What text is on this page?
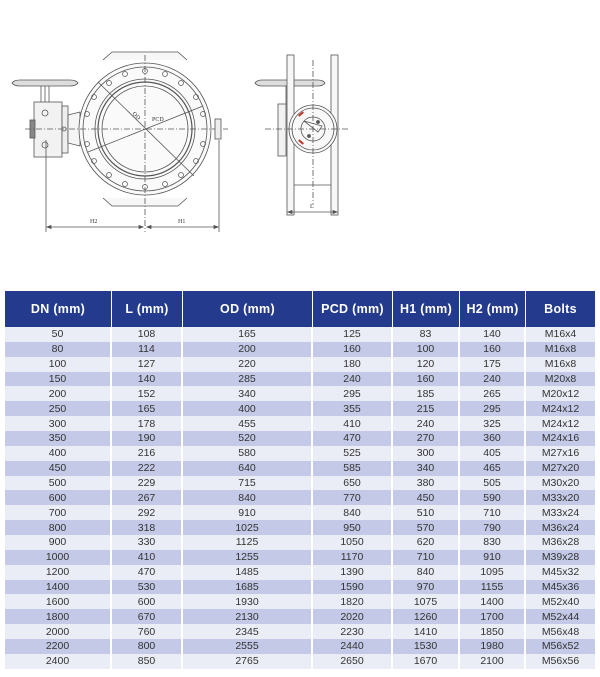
OD PCD
H2	H1
L
DN (mm)	L (mm)	OD (mm)	PCD (mm)	H1 (mm)	H2 (mm)	Bolts
50	108	165	125	83	140	M16x4
80	114	200	160	100	160	M16x8
100	127	220	180	120	175	M16x8
150	140	285	240	160	240	M20x8
200	152	340	295	185	265	M20x12
250	165	400	355	215	295	M24x12
300	178	455	410	240	325	M24x12
350	190	520	470	270	360	M24x16
400	216	580	525	300	405	M27x16
450	222	640	585	340	465	M27x20
500	229	715	650	380	505	M30x20
600	267	840	770	450	590	M33x20
700	292	910	840	510	710	M33x24
800	318	1025	950	570	790	M36x24
900	330	1125	1050	620	830	M36x28
1000	410	1255	1170	710	910	M39x28
1200	470	1485	1390	840	1095	M45x32
1400	530	1685	1590	970	1155	M45x36
1600	600	1930	1820	1075	1400	M52x40
1800	670	2130	2020	1260	1700	M52x44
2000	760	2345	2230	1410	1850	M56x48
2200	800	2555	2440	1530	1980	M56x52
2400	850	2765	2650	1670	2100	M56x56
